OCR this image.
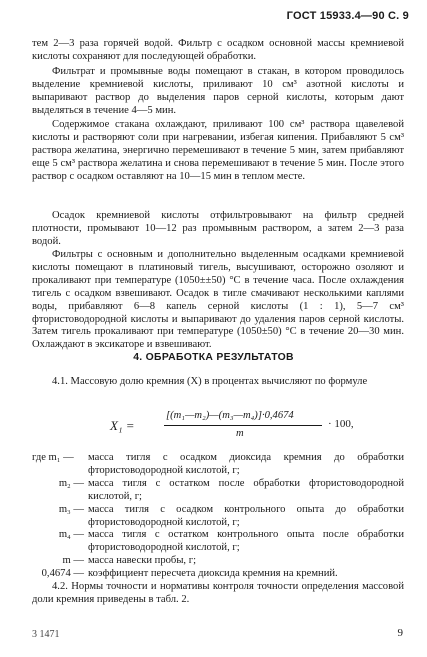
ГОСТ 15933.4—90 С. 9
тем 2—3 раза горячей водой. Фильтр с осадком основной массы кремниевой кислоты сохраняют для последующей обработки.
Фильтрат и промывные воды помещают в стакан, в котором проводилось выделение кремниевой кислоты, приливают 10 см³ азотной кислоты и выпаривают раствор до выделения паров серной кислоты, которым дают выделяться в течение 4—5 мин.
Содержимое стакана охлаждают, приливают 100 см³ раствора щавелевой кислоты и растворяют соли при нагревании, избегая кипения. Прибавляют 5 см³ раствора желатина, энергично перемешивают в течение 5 мин, затем прибавляют еще 5 см³ раствора желатина и снова перемешивают в течение 5 мин. После этого раствор с осадком оставляют на 10—15 мин в теплом месте.
Осадок кремниевой кислоты отфильтровывают на фильтр средней плотности, промывают 10—12 раз промывным раствором, а затем 2—3 раза водой.
Фильтры с основным и дополнительно выделенным осадками кремниевой кислоты помещают в платиновый тигель, высушивают, осторожно озоляют и прокаливают при температуре (1050±±50) °С в течение часа. После охлаждения тигель с осадком взвешивают. Осадок в тигле смачивают несколькими каплями воды, прибавляют 6—8 капель серной кислоты (1 : 1), 5—7 см³ фтористоводородной кислоты и выпаривают до удаления паров серной кислоты. Затем тигель прокаливают при температуре (1050±50) °С в течение 20—30 мин. Охлаждают в эксикаторе и взвешивают.
4. ОБРАБОТКА РЕЗУЛЬТАТОВ
4.1. Массовую долю кремния (X) в процентах вычисляют по формуле
X₁ =
[(m₁—m₂)—(m₃—m₄)]·0,4674
m
· 100,
где m₁ —	масса тигля с осадком диоксида кремния до обработки фтористоводородной кислотой, г;
m₂ — масса тигля с остатком после обработки фтористоводородной кислотой, г;
m₃ — масса тигля с осадком контрольного опыта до обработки фтористоводородной кислотой, г;
m₄ — масса тигля с остатком контрольного опыта после обработки фтористоводородной кислотой, г;
m — масса навески пробы, г;
0,4674 — коэффициент пересчета диоксида кремния на кремний.
4.2. Нормы точности и нормативы контроля точности определения массовой доли кремния приведены в табл. 2.
3 1471	9
